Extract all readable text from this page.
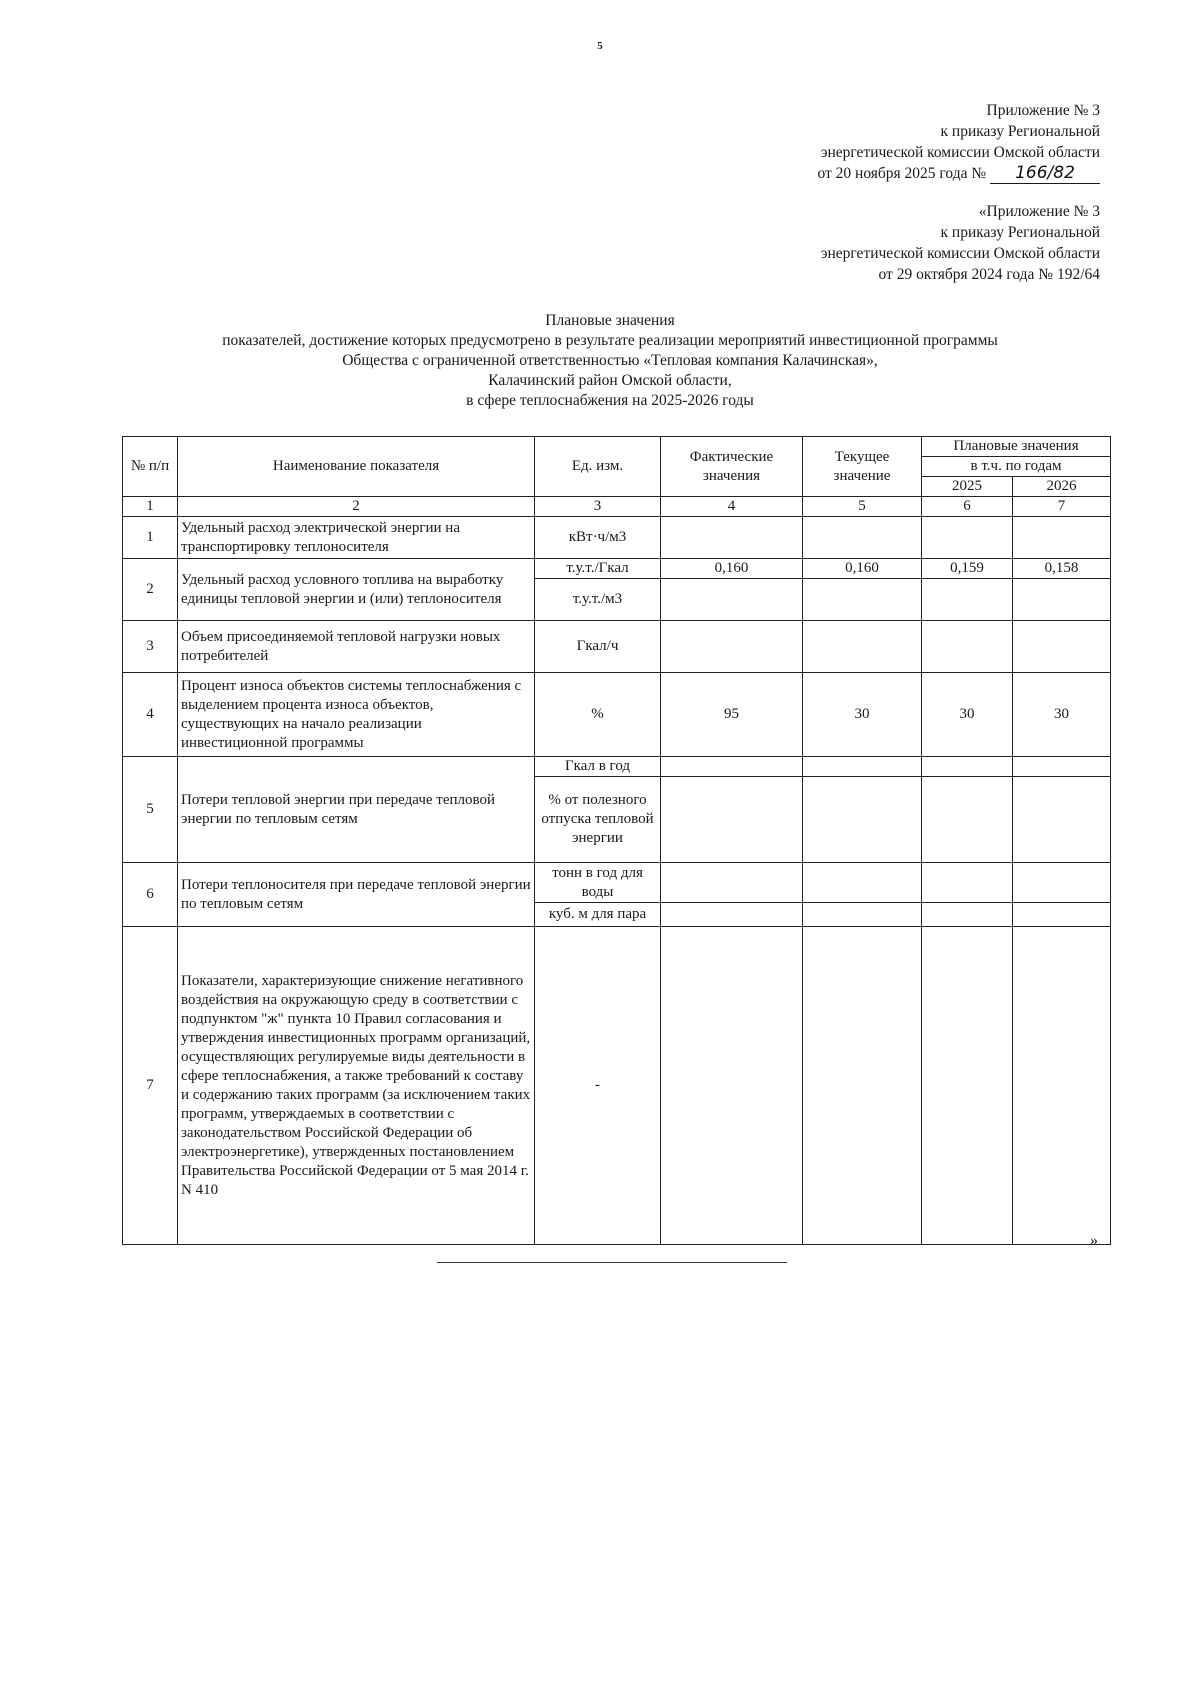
5
Приложение № 3
к приказу Региональной
энергетической комиссии Омской области
от 20 ноября 2025 года № 166/82
«Приложение № 3
к приказу Региональной
энергетической комиссии Омской области
от 29 октября 2024 года № 192/64
Плановые значения
показателей, достижение которых предусмотрено в результате реализации мероприятий инвестиционной программы
Общества с ограниченной ответственностью «Тепловая компания Калачинская»,
Калачинский район Омской области,
в сфере теплоснабжения на 2025-2026 годы
№ п/п	Наименование показателя	Ед. изм.	Фактические значения	Текущее значение	Плановые значения	
					в т.ч. по годам	
					2025	2026
1	2	3	4	5	6	7
1	Удельный расход электрической энергии на транспортировку теплоносителя	кВт·ч/м3				
2	Удельный расход условного топлива на выработку единицы тепловой энергии и (или) теплоносителя	т.у.т./Гкал	0,160	0,160	0,159	0,158
		т.у.т./м3				
3	Объем присоединяемой тепловой нагрузки новых потребителей	Гкал/ч				
4	Процент износа объектов системы теплоснабжения с выделением процента износа объектов, существующих на начало реализации инвестиционной программы	%	95	30	30	30
5	Потери тепловой энергии при передаче тепловой энергии по тепловым сетям	Гкал в год				
		% от полезного отпуска тепловой энергии				
6	Потери теплоносителя при передаче тепловой энергии по тепловым сетям	тонн в год для воды				
		куб. м для пара				
7	Показатели, характеризующие снижение негативного воздействия на окружающую среду в соответствии с подпунктом "ж" пункта 10 Правил согласования и утверждения инвестиционных программ организаций, осуществляющих регулируемые виды деятельности в сфере теплоснабжения, а также требований к составу и содержанию таких программ (за исключением таких программ, утверждаемых в соответствии с законодательством Российской Федерации об электроэнергетике), утвержденных постановлением Правительства Российской Федерации от 5 мая 2014 г. N 410	-				
»
